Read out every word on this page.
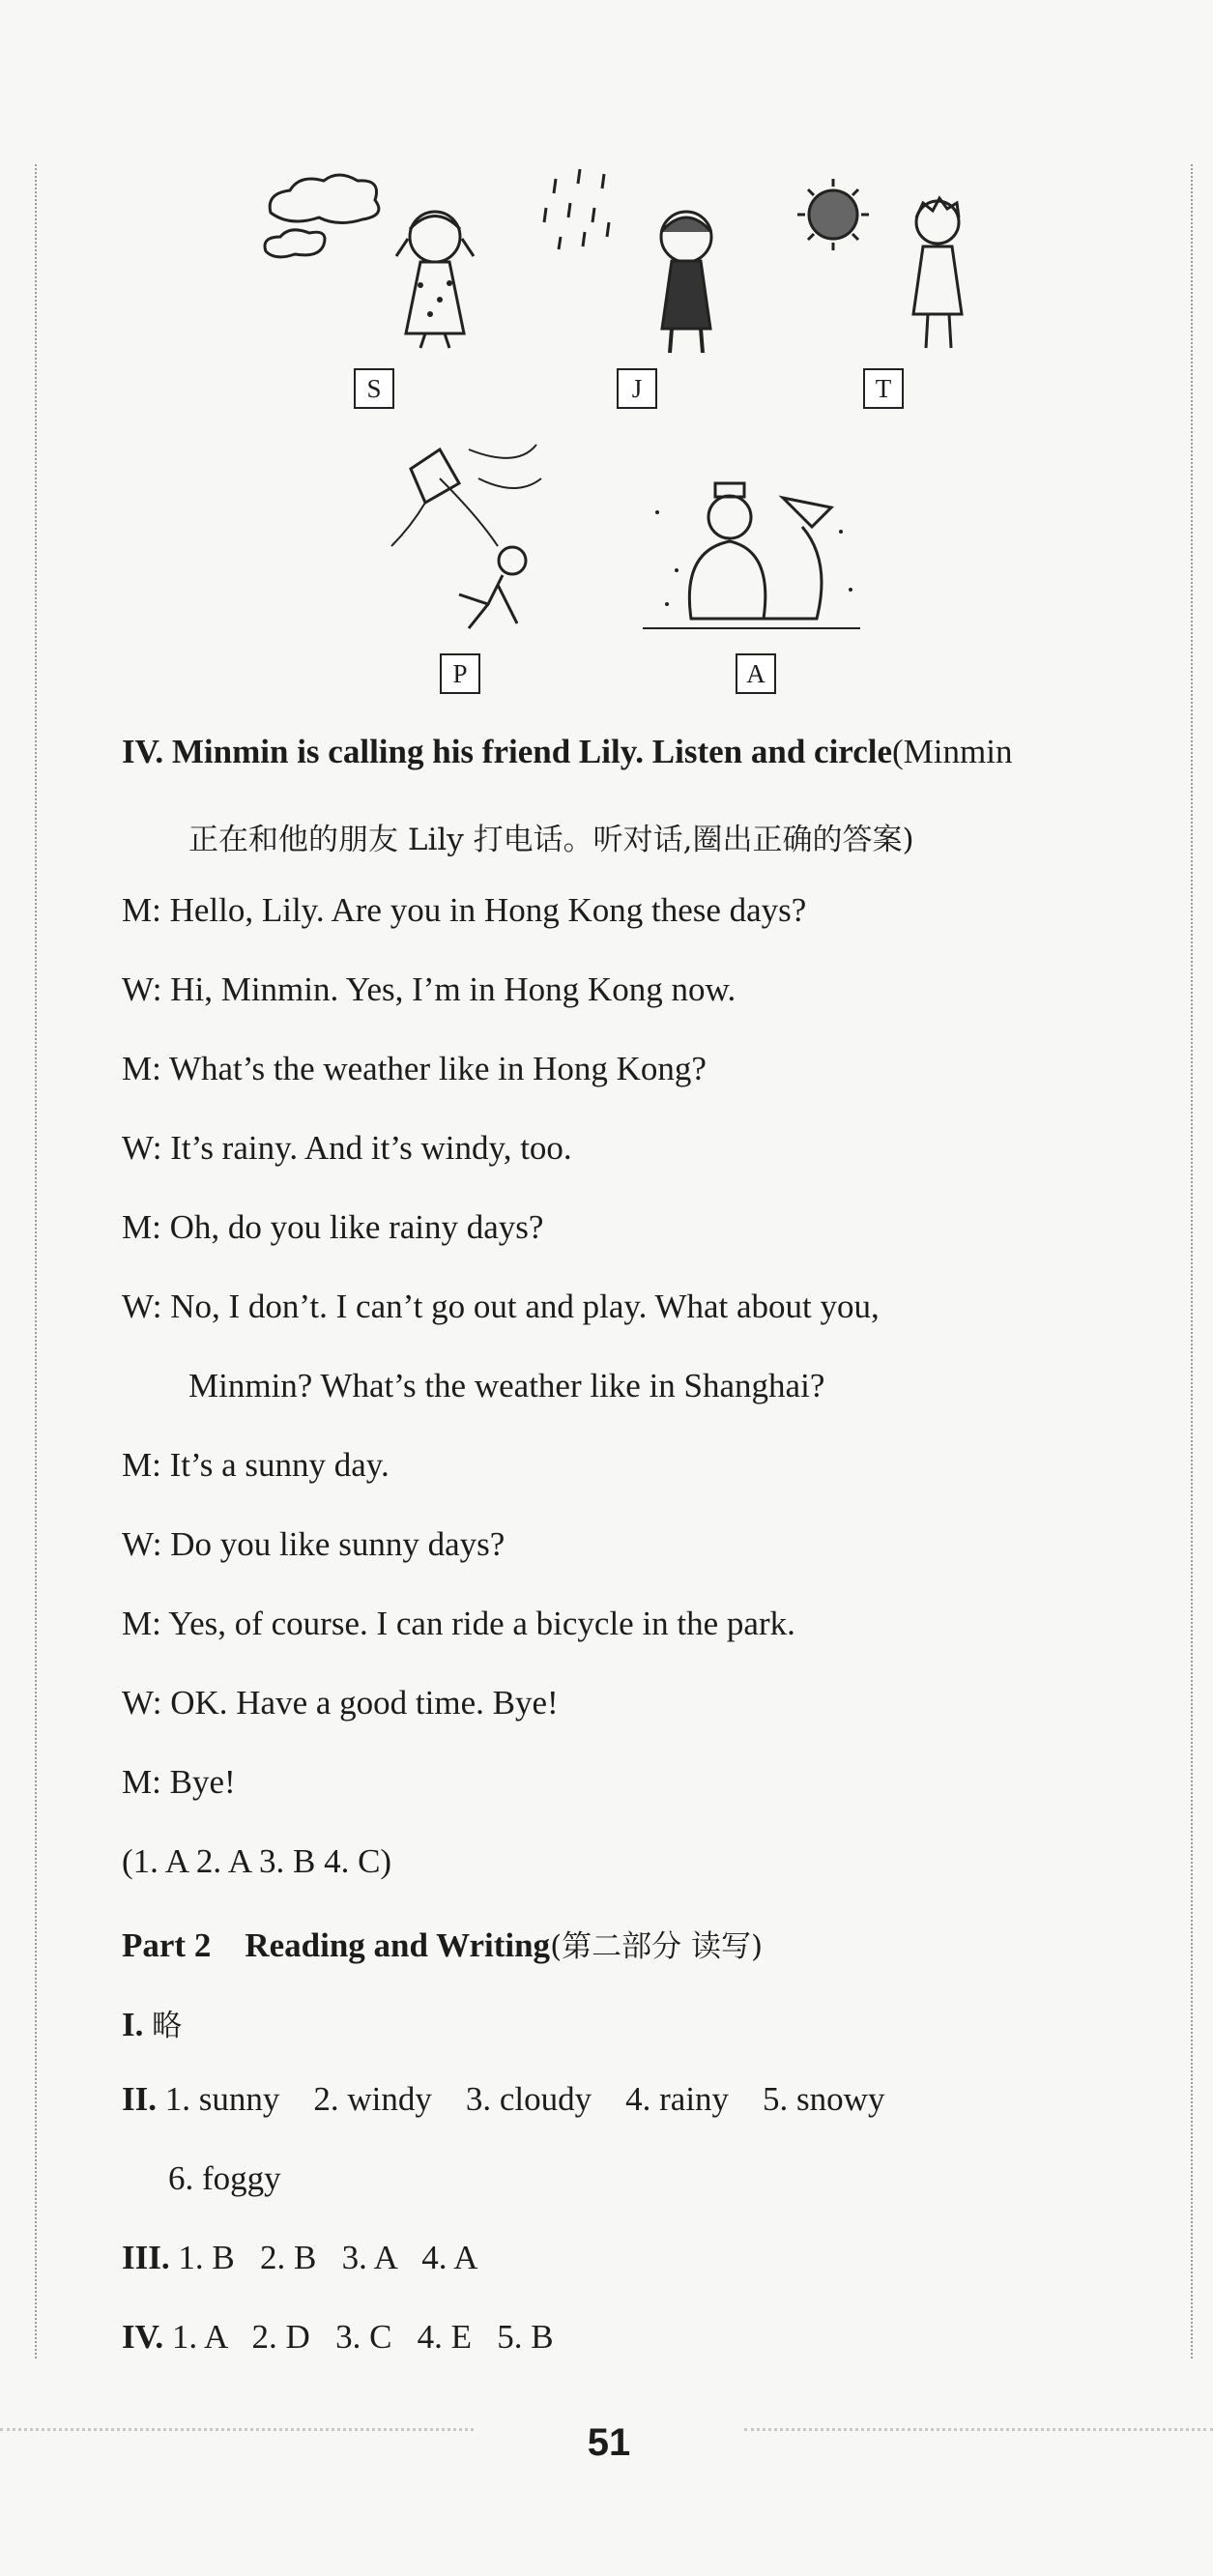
S	J	T
P	A
IV. Minmin is calling his friend Lily. Listen and circle(Minmin
正在和他的朋友 Lily 打电话。听对话,圈出正确的答案)
M: Hello, Lily. Are you in Hong Kong these days?
W: Hi, Minmin. Yes, I’m in Hong Kong now.
M: What’s the weather like in Hong Kong?
W: It’s rainy. And it’s windy, too.
M: Oh, do you like rainy days?
W: No, I don’t. I can’t go out and play. What about you,
Minmin? What’s the weather like in Shanghai?
M: It’s a sunny day.
W: Do you like sunny days?
M: Yes, of course. I can ride a bicycle in the park.
W: OK. Have a good time. Bye!
M: Bye!
(1. A 2. A 3. B 4. C)
Part 2    Reading and Writing(第二部分 读写)
I. 略
II. 1. sunny    2. windy    3. cloudy    4. rainy    5. snowy
6. foggy
III. 1. B   2. B   3. A   4. A
IV. 1. A   2. D   3. C   4. E   5. B
51
